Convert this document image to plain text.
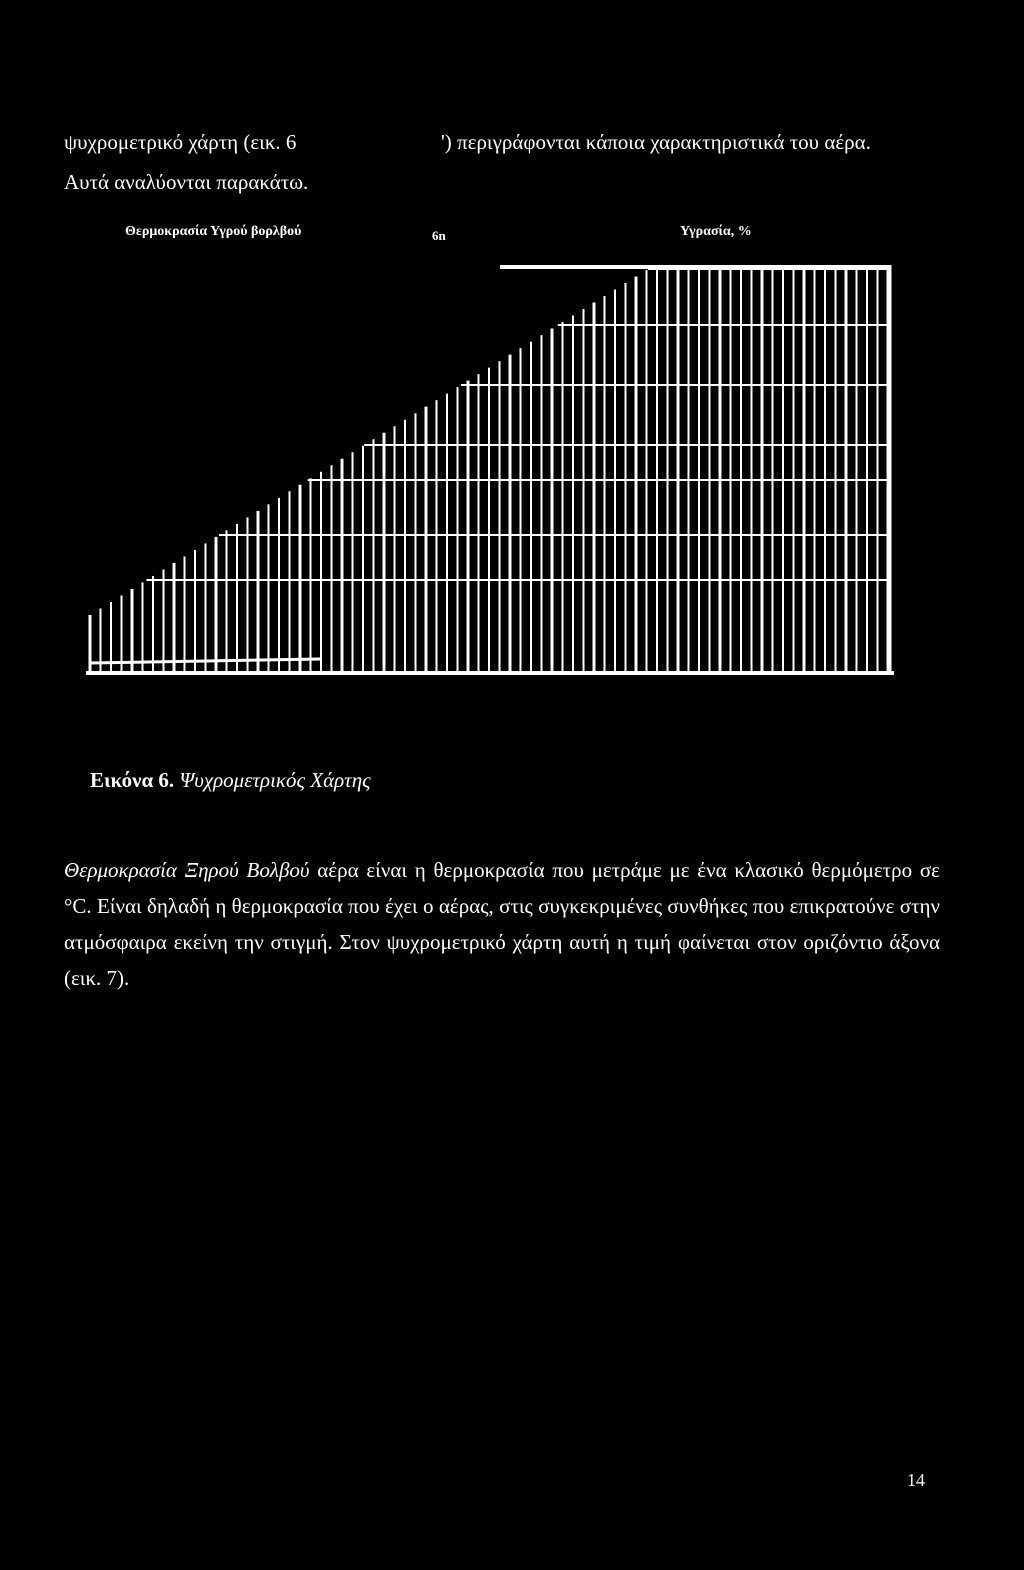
ψυχρομετρικό χάρτη (εικ. 6	') περιγράφονται κάποια χαρακτηριστικά του αέρα.
Αυτά αναλύονται παρακάτω.
Θερμοκρασία Υγρού βορλβού	6n	Υγρασία, %
Εικόνα 6. Ψυχρομετρικός Χάρτης
Θερμοκρασία Ξηρού Βολβού αέρα είναι η θερμοκρασία που μετράμε με ένα κλασικό θερμόμετρο σε °C. Είναι δηλαδή η θερμοκρασία που έχει ο αέρας, στις συγκεκριμένες συνθήκες που επικρατούνε στην ατμόσφαιρα εκείνη την στιγμή. Στον ψυχρομετρικό χάρτη αυτή η τιμή φαίνεται στον οριζόντιο άξονα (εικ. 7).
14
